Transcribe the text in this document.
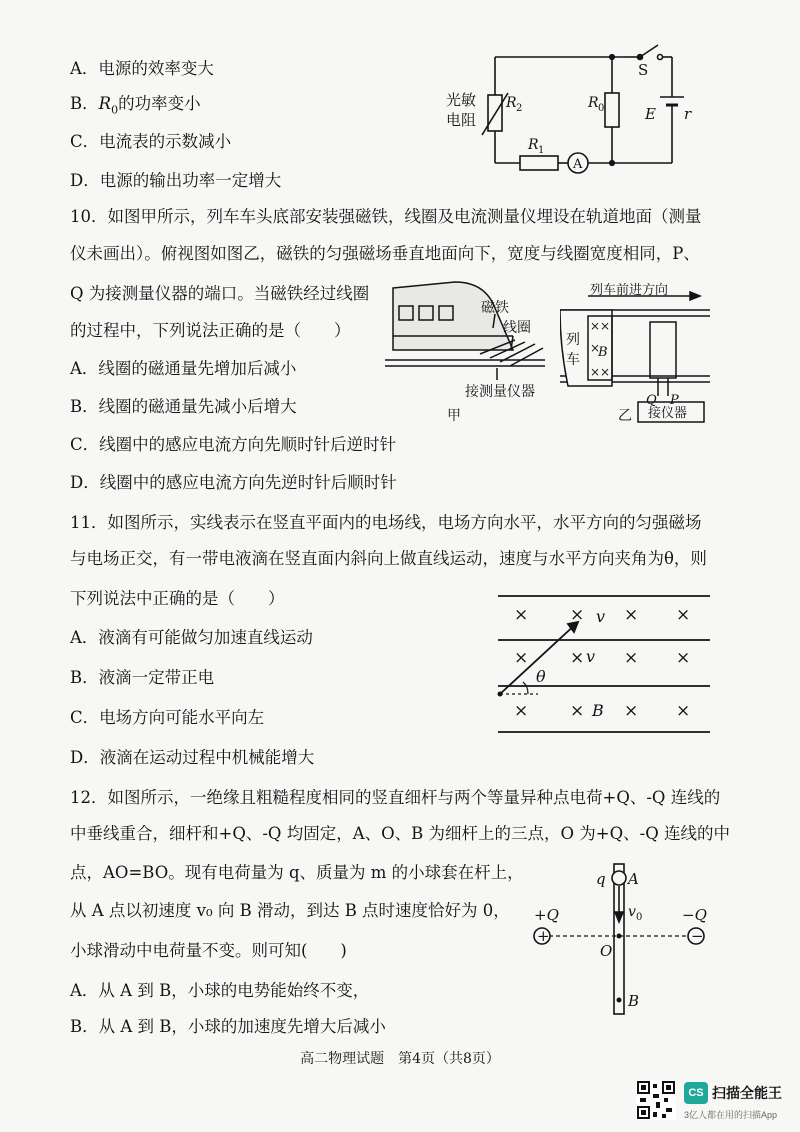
A．电源的效率变大
B．$R_0$的功率变小
C．电流表的示数减小
D．电源的输出功率一定增大
光敏
电阻
R 2	R 0
R 1
A
S
E r
10．如图甲所示，列车车头底部安装强磁铁，线圈及电流测量仪埋设在轨道地面（测量
仪未画出）。俯视图如图乙，磁铁的匀强磁场垂直地面向下，宽度与线圈宽度相同，P、
Q 为接测量仪器的端口。当磁铁经过线圈
的过程中，下列说法正确的是（　　）
A．线圈的磁通量先增加后减小
B．线圈的磁通量先减小后增大
C．线圈中的感应电流方向先顺时针后逆时针
D．线圈中的感应电流方向先逆时针后顺时针
磁铁
线圈
接测量仪器
甲
列车前进方向
列
车
× ×
×
B
× ×
Q P
乙 接仪器
11．如图所示，实线表示在竖直平面内的电场线，电场方向水平，水平方向的匀强磁场
与电场正交，有一带电液滴在竖直面内斜向上做直线运动，速度与水平方向夹角为θ，则
下列说法中正确的是（　　）
A．液滴有可能做匀加速直线运动
B．液滴一定带正电
C．电场方向可能水平向左
D．液滴在运动过程中机械能增大
× × × ×
× × × ×
× × × ×
v
v
θ
B
12．如图所示，一绝缘且粗糙程度相同的竖直细杆与两个等量异种点电荷+Q、-Q 连线的
中垂线重合，细杆和+Q、-Q 均固定，A、O、B 为细杆上的三点，O 为+Q、-Q 连线的中
点，AO=BO。现有电荷量为 q、质量为 m 的小球套在杆上，
从 A 点以初速度 v₀ 向 B 滑动，到达 B 点时速度恰好为 0，
小球滑动中电荷量不变。则可知(　　)
A．从 A 到 B，小球的电势能始终不变，
B．从 A 到 B，小球的加速度先增大后减小
+	−
q A
v 0
+Q	−Q
O
B
高二物理试题　第4页（共8页）
CS 扫描全能王
3亿人都在用的扫描App
